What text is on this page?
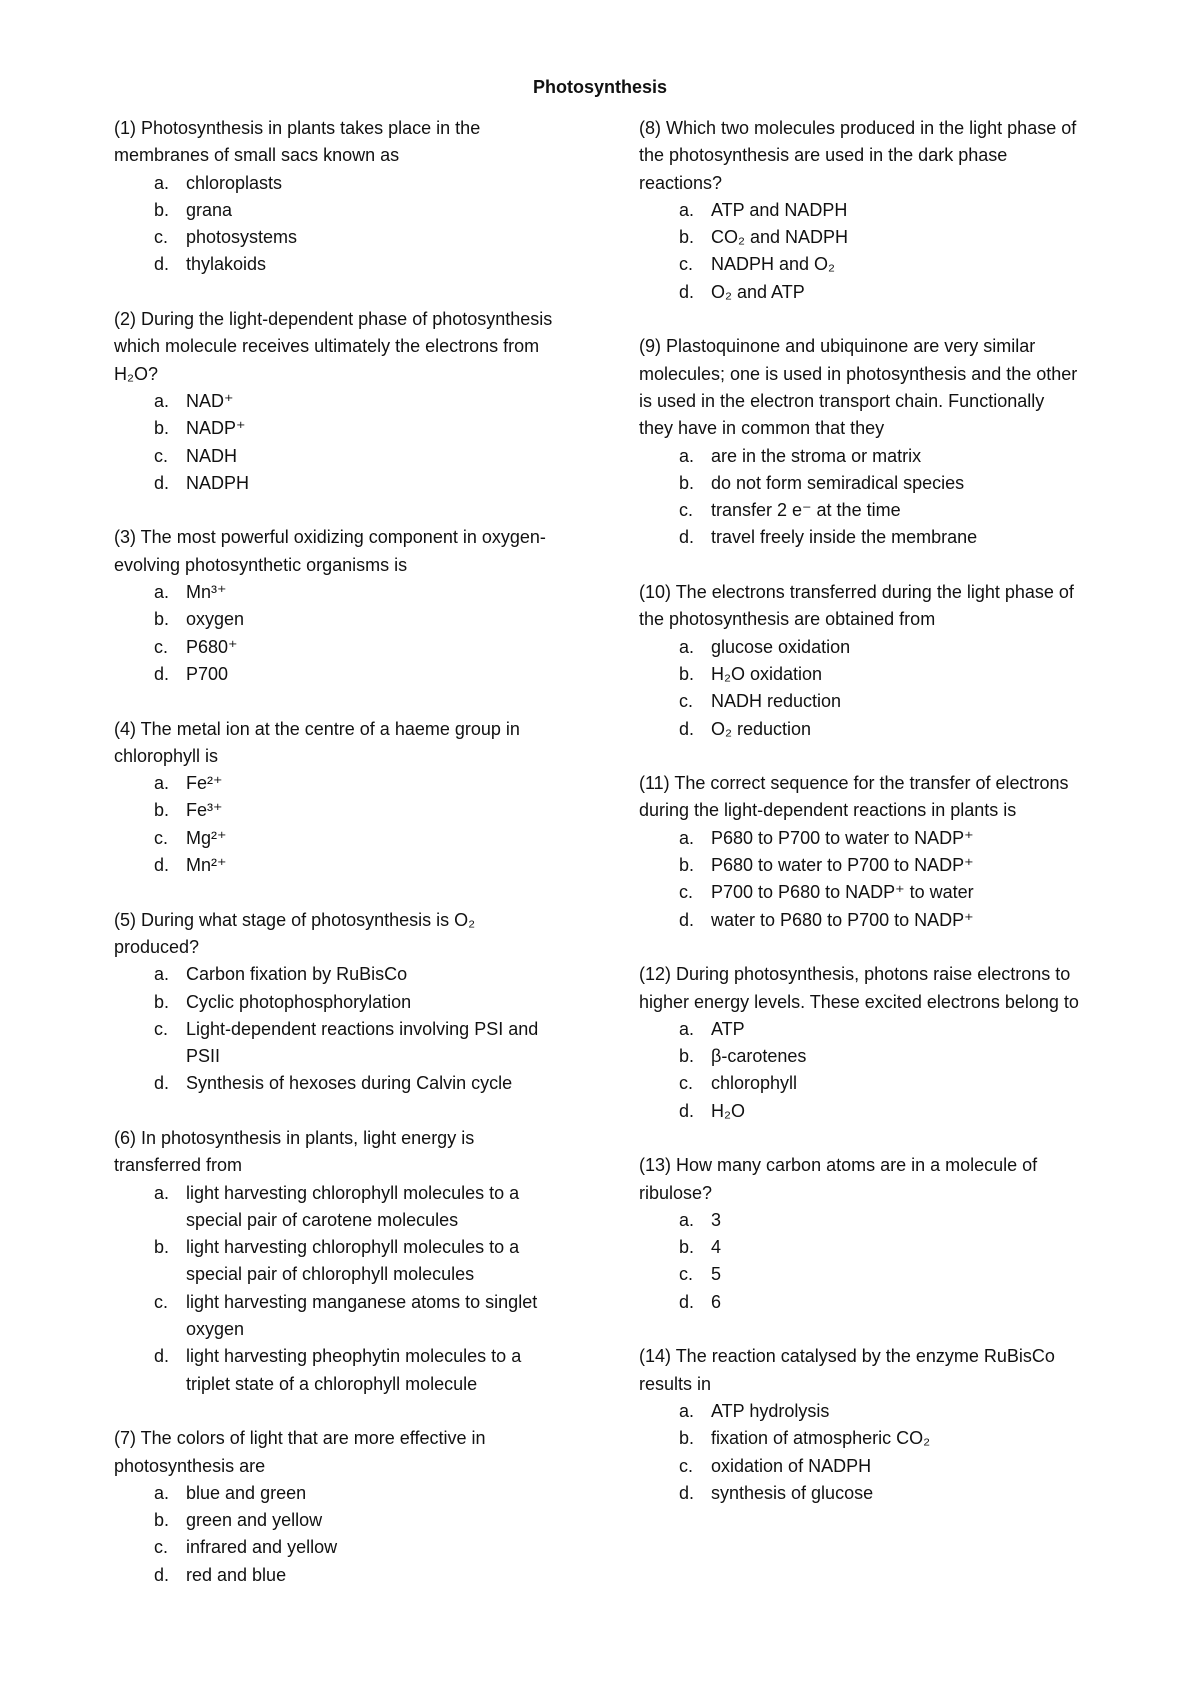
Photosynthesis

(1) Photosynthesis in plants takes place in the membranes of small sacs known as

a. chloroplasts
b. grana
c. photosystems
d. thylakoids

(2) During the light-dependent phase of photosynthesis which molecule receives ultimately the electrons from H₂O?

a. NAD⁺
b. NADP⁺
c. NADH
d. NADPH

(3) The most powerful oxidizing component in oxygen-evolving photosynthetic organisms is

a. Mn³⁺
b. oxygen
c. P680⁺
d. P700

(4) The metal ion at the centre of a haeme group in chlorophyll is

a. Fe²⁺
b. Fe³⁺
c. Mg²⁺
d. Mn²⁺

(5) During what stage of photosynthesis is O₂ produced?

a. Carbon fixation by RuBisCo
b. Cyclic photophosphorylation
c. Light-dependent reactions involving PSI and PSII
d. Synthesis of hexoses during Calvin cycle

(6) In photosynthesis in plants, light energy is transferred from

a. light harvesting chlorophyll molecules to a special pair of carotene molecules
b. light harvesting chlorophyll molecules to a special pair of chlorophyll molecules
c. light harvesting manganese atoms to singlet oxygen
d. light harvesting pheophytin molecules to a triplet state of a chlorophyll molecule

(7) The colors of light that are more effective in photosynthesis are

a. blue and green
b. green and yellow
c. infrared and yellow
d. red and blue

(8) Which two molecules produced in the light phase of the photosynthesis are used in the dark phase reactions?

a. ATP and NADPH
b. CO₂ and NADPH
c. NADPH and O₂
d. O₂ and ATP

(9) Plastoquinone and ubiquinone are very similar molecules; one is used in photosynthesis and the other is used in the electron transport chain. Functionally they have in common that they

a. are in the stroma or matrix
b. do not form semiradical species
c. transfer 2 e⁻ at the time
d. travel freely inside the membrane

(10) The electrons transferred during the light phase of the photosynthesis are obtained from

a. glucose oxidation
b. H₂O oxidation
c. NADH reduction
d. O₂ reduction

(11) The correct sequence for the transfer of electrons during the light-dependent reactions in plants is

a. P680 to P700 to water to NADP⁺
b. P680 to water to P700 to NADP⁺
c. P700 to P680 to NADP⁺ to water
d. water to P680 to P700 to NADP⁺

(12) During photosynthesis, photons raise electrons to higher energy levels. These excited electrons belong to

a. ATP
b. β-carotenes
c. chlorophyll
d. H₂O

(13) How many carbon atoms are in a molecule of ribulose?

a. 3
b. 4
c. 5
d. 6

(14) The reaction catalysed by the enzyme RuBisCo results in

a. ATP hydrolysis
b. fixation of atmospheric CO₂
c. oxidation of NADPH
d. synthesis of glucose
